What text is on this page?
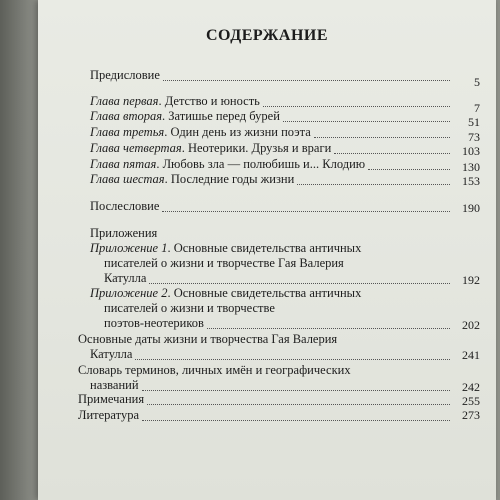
СОДЕРЖАНИЕ
Предисловие	5
Глава первая. Детство и юность	7
Глава вторая. Затишье перед бурей	51
Глава третья. Один день из жизни поэта	73
Глава четвертая. Неотерики. Друзья и враги	103
Глава пятая. Любовь зла — полюбишь и... Клодию	130
Глава шестая. Последние годы жизни	153
Послесловие	190
Приложения
Приложение 1. Основные свидетельства античных
писателей о жизни и творчестве Гая Валерия
Катулла	192
Приложение 2. Основные свидетельства античных
писателей о жизни и творчестве
поэтов-неотериков	202
Основные даты жизни и творчества Гая Валерия
Катулла	241
Словарь терминов, личных имён и географических
названий	242
Примечания	255
Литература	273
